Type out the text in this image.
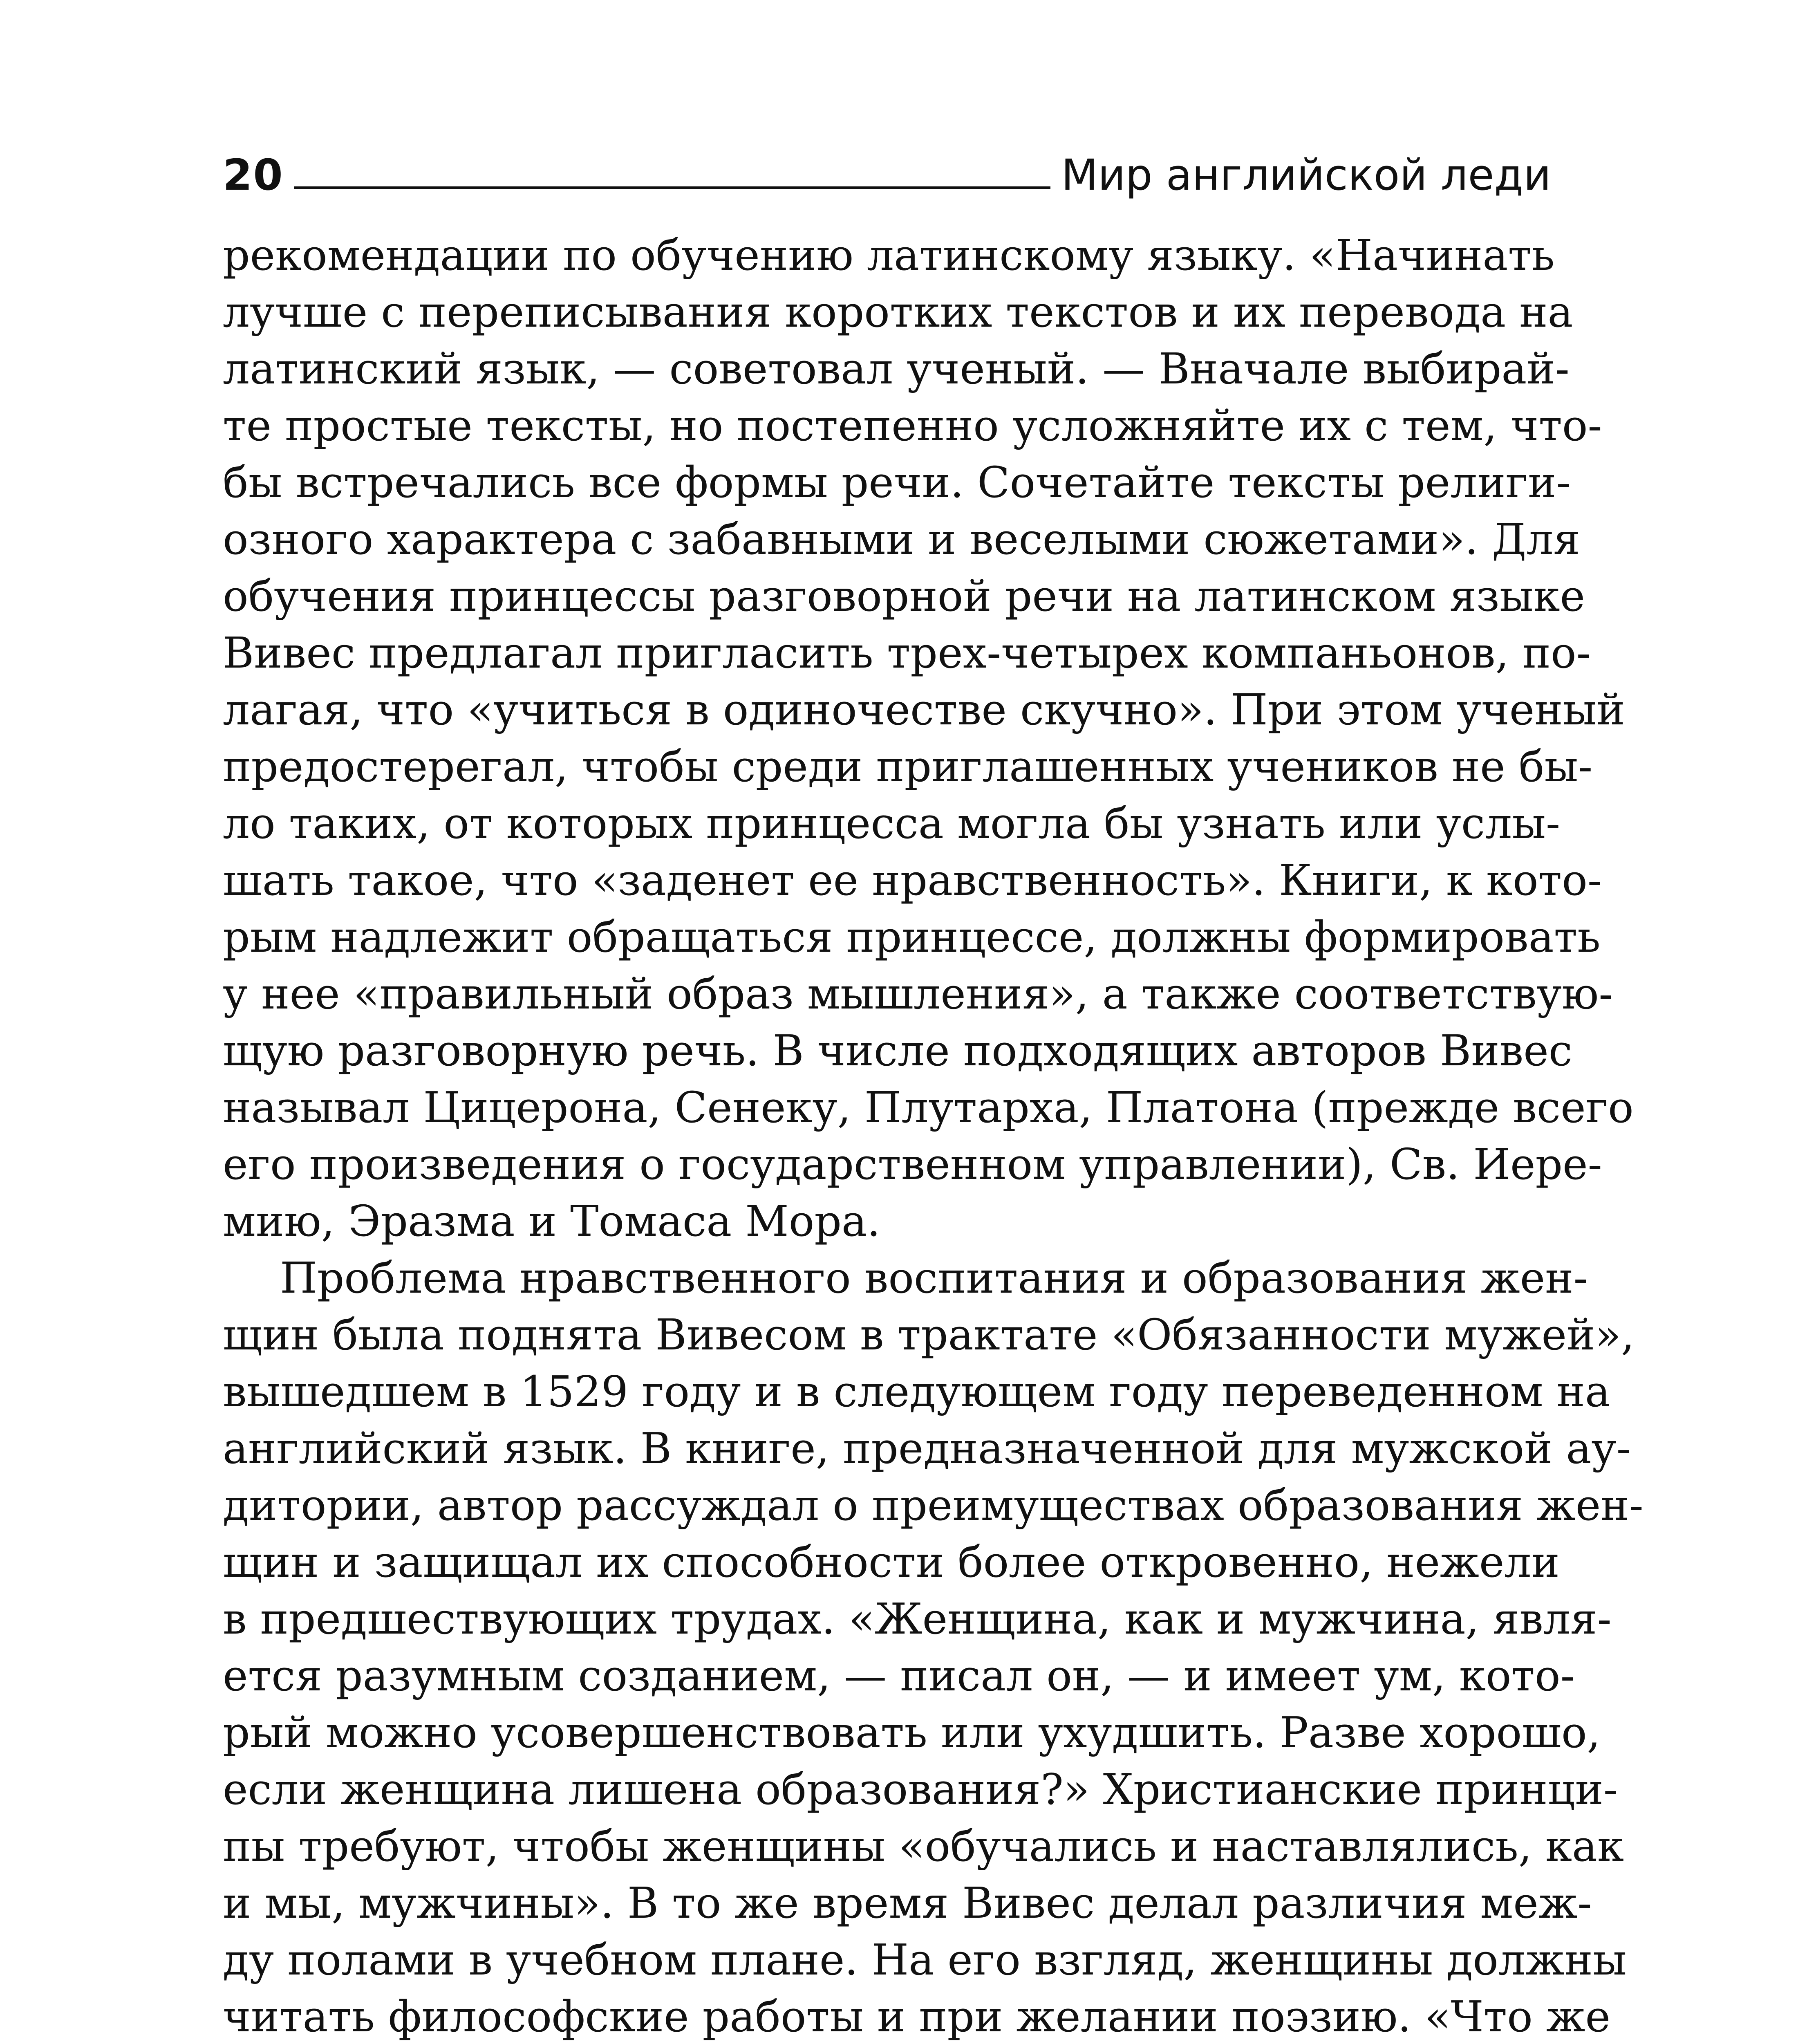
20	Мир английской леди

рекомендации по обучению латинскому языку. «Начинать
лучше с переписывания коротких текстов и их перевода на
латинский язык, — советовал ученый. — Вначале выбирай-
те простые тексты, но постепенно усложняйте их с тем, что-
бы встречались все формы речи. Сочетайте тексты религи-
озного характера с забавными и веселыми сюжетами». Для
обучения принцессы разговорной речи на латинском языке
Вивес предлагал пригласить трех-четырех компаньонов, по-
лагая, что «учиться в одиночестве скучно». При этом ученый
предостерегал, чтобы среди приглашенных учеников не бы-
ло таких, от которых принцесса могла бы узнать или услы-
шать такое, что «заденет ее нравственность». Книги, к кото-
рым надлежит обращаться принцессе, должны формировать
у нее «правильный образ мышления», а также соответствую-
щую разговорную речь. В числе подходящих авторов Вивес
называл Цицерона, Сенеку, Плутарха, Платона (прежде всего
его произведения о государственном управлении), Св. Иере-
мию, Эразма и Томаса Мора.

Проблема нравственного воспитания и образования жен-
щин была поднята Вивесом в трактате «Обязанности мужей»,
вышедшем в 1529 году и в следующем году переведенном на
английский язык. В книге, предназначенной для мужской ау-
дитории, автор рассуждал о преимуществах образования жен-
щин и защищал их способности более откровенно, нежели
в предшествующих трудах. «Женщина, как и мужчина, явля-
ется разумным созданием, — писал он, — и имеет ум, кото-
рый можно усовершенствовать или ухудшить. Разве хорошо,
если женщина лишена образования?» Христианские принци-
пы требуют, чтобы женщины «обучались и наставлялись, как
и мы, мужчины». В то же время Вивес делал различия меж-
ду полами в учебном плане. На его взгляд, женщины должны
читать философские работы и при желании поэзию. «Что же
